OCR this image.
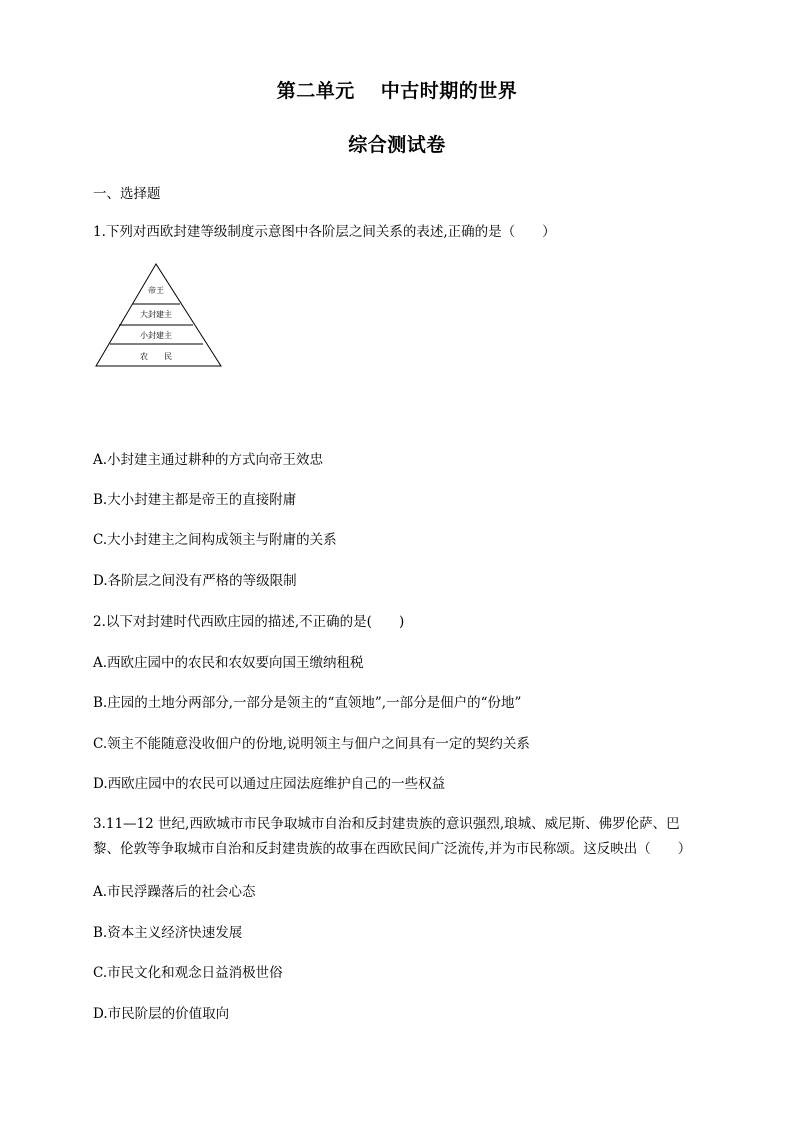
第二单元 中古时期的世界
综合测试卷
一、选择题
1.下列对西欧封建等级制度示意图中各阶层之间关系的表述,正确的是（　　）
帝王
大封建主
小封建主
农　　民
A.小封建主通过耕种的方式向帝王效忠
B.大小封建主都是帝王的直接附庸
C.大小封建主之间构成领主与附庸的关系
D.各阶层之间没有严格的等级限制
2.以下对封建时代西欧庄园的描述,不正确的是(　　)
A.西欧庄园中的农民和农奴要向国王缴纳租税
B.庄园的土地分两部分,一部分是领主的“直领地”,一部分是佃户的“份地”
C.领主不能随意没收佃户的份地,说明领主与佃户之间具有一定的契约关系
D.西欧庄园中的农民可以通过庄园法庭维护自己的一些权益
3.11—12 世纪,西欧城市市民争取城市自治和反封建贵族的意识强烈,琅城、威尼斯、佛罗伦萨、巴黎、伦敦等争取城市自治和反封建贵族的故事在西欧民间广泛流传,并为市民称颂。这反映出（　　）
A.市民浮躁落后的社会心态
B.资本主义经济快速发展
C.市民文化和观念日益消极世俗
D.市民阶层的价值取向
